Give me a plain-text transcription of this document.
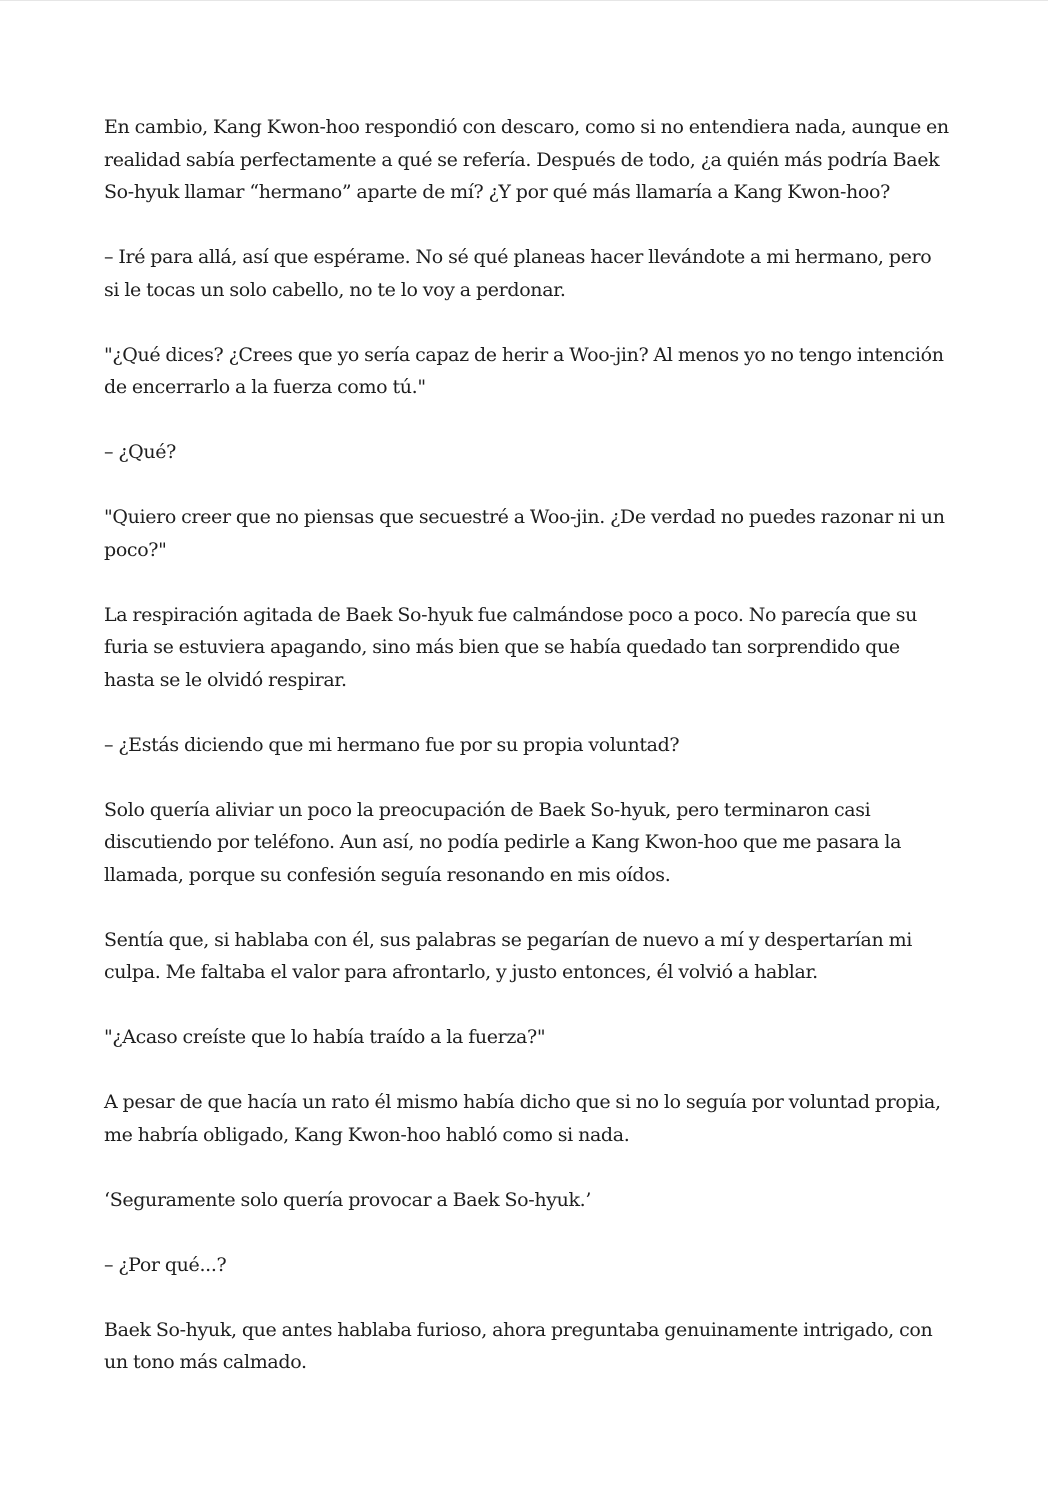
En cambio, Kang Kwon-hoo respondió con descaro, como si no entendiera nada, aunque en realidad sabía perfectamente a qué se refería. Después de todo, ¿a quién más podría Baek So-hyuk llamar “hermano” aparte de mí? ¿Y por qué más llamaría a Kang Kwon-hoo?

– Iré para allá, así que espérame. No sé qué planeas hacer llevándote a mi hermano, pero si le tocas un solo cabello, no te lo voy a perdonar.

"¿Qué dices? ¿Crees que yo sería capaz de herir a Woo-jin? Al menos yo no tengo intención de encerrarlo a la fuerza como tú."

– ¿Qué?

"Quiero creer que no piensas que secuestré a Woo-jin. ¿De verdad no puedes razonar ni un poco?"

La respiración agitada de Baek So-hyuk fue calmándose poco a poco. No parecía que su furia se estuviera apagando, sino más bien que se había quedado tan sorprendido que hasta se le olvidó respirar.

– ¿Estás diciendo que mi hermano fue por su propia voluntad?

Solo quería aliviar un poco la preocupación de Baek So-hyuk, pero terminaron casi discutiendo por teléfono. Aun así, no podía pedirle a Kang Kwon-hoo que me pasara la llamada, porque su confesión seguía resonando en mis oídos.

Sentía que, si hablaba con él, sus palabras se pegarían de nuevo a mí y despertarían mi culpa. Me faltaba el valor para afrontarlo, y justo entonces, él volvió a hablar.

"¿Acaso creíste que lo había traído a la fuerza?"

A pesar de que hacía un rato él mismo había dicho que si no lo seguía por voluntad propia, me habría obligado, Kang Kwon-hoo habló como si nada.

‘Seguramente solo quería provocar a Baek So-hyuk.’

– ¿Por qué...?

Baek So-hyuk, que antes hablaba furioso, ahora preguntaba genuinamente intrigado, con un tono más calmado.
